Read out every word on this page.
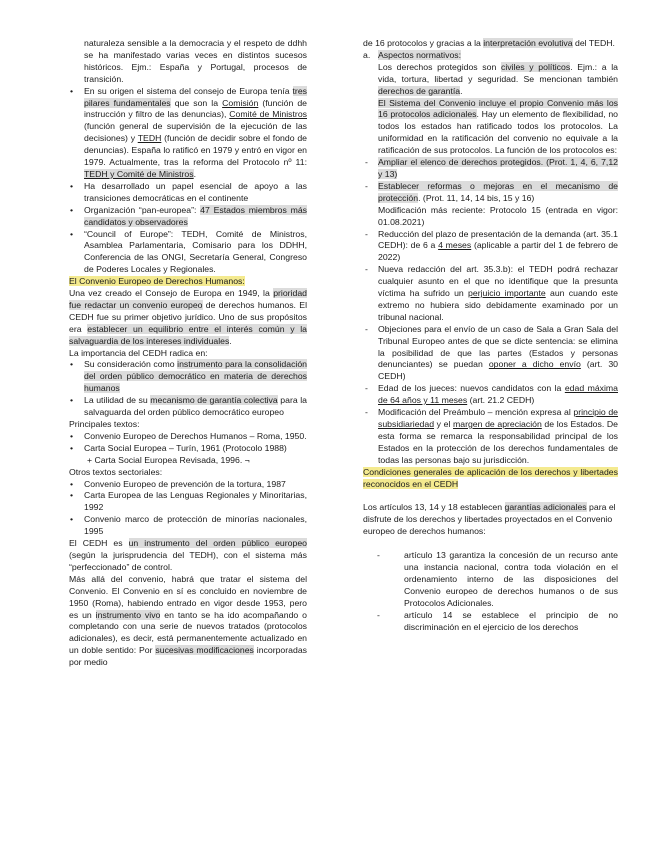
naturaleza sensible a la democracia y el respeto de ddhh se ha manifestado varias veces en distintos sucesos históricos. Ejm.: España y Portugal, procesos de transición.

• En su origen el sistema del consejo de Europa tenía tres pilares fundamentales que son la Comisión (función de instrucción y filtro de las denuncias), Comité de Ministros (función general de supervisión de la ejecución de las decisiones) y TEDH (función de decidir sobre el fondo de denuncias). España lo ratificó en 1979 y entró en vigor en 1979. Actualmente, tras la reforma del Protocolo nº 11: TEDH y Comité de Ministros.
• Ha desarrollado un papel esencial de apoyo a las transiciones democráticas en el continente
• Organización “pan-europea”: 47 Estados miembros más candidatos y observadores
• “Council of Europe”: TEDH, Comité de Ministros, Asamblea Parlamentaria, Comisario para los DDHH, Conferencia de las ONGI, Secretaría General, Congreso de Poderes Locales y Regionales.

El Convenio Europeo de Derechos Humanos:

Una vez creado el Consejo de Europa en 1949, la prioridad fue redactar un convenio europeo de derechos humanos. El CEDH fue su primer objetivo jurídico. Uno de sus propósitos era establecer un equilibrio entre el interés común y la salvaguardia de los intereses individuales.

La importancia del CEDH radica en:

• Su consideración como instrumento para la consolidación del orden público democrático en materia de derechos humanos
• La utilidad de su mecanismo de garantía colectiva para la salvaguarda del orden público democrático europeo

Principales textos:

• Convenio Europeo de Derechos Humanos – Roma, 1950.
• Carta Social Europea – Turín, 1961 (Protocolo 1988)
+ Carta Social Europea Revisada, 1996. ¬

Otros textos sectoriales:

• Convenio Europeo de prevención de la tortura, 1987
• Carta Europea de las Lenguas Regionales y Minoritarias, 1992
• Convenio marco de protección de minorías nacionales, 1995

El CEDH es un instrumento del orden público europeo (según la jurisprudencia del TEDH), con el sistema más “perfeccionado” de control.

Más allá del convenio, habrá que tratar el sistema del Convenio. El Convenio en sí es concluido en noviembre de 1950 (Roma), habiendo entrado en vigor desde 1953, pero es un instrumento vivo en tanto se ha ido acompañando o completando con una serie de nuevos tratados (protocolos adicionales), es decir, está permanentemente actualizado en un doble sentido: Por sucesivas modificaciones incorporadas por medio

de 16 protocolos y gracias a la interpretación evolutiva del TEDH.

a. Aspectos normativos:

Los derechos protegidos son civiles y políticos. Ejm.: a la vida, tortura, libertad y seguridad. Se mencionan también derechos de garantía.

El Sistema del Convenio incluye el propio Convenio más los 16 protocolos adicionales. Hay un elemento de flexibilidad, no todos los estados han ratificado todos los protocolos. La uniformidad en la ratificación del convenio no equivale a la ratificación de sus protocolos. La función de los protocolos es:

- Ampliar el elenco de derechos protegidos. (Prot. 1, 4, 6, 7,12 y 13)
- Establecer reformas o mejoras en el mecanismo de protección. (Prot. 11, 14, 14 bis, 15 y 16)

Modificación más reciente: Protocolo 15 (entrada en vigor: 01.08.2021)

- Reducción del plazo de presentación de la demanda (art. 35.1 CEDH): de 6 a 4 meses (aplicable a partir del 1 de febrero de 2022)
- Nueva redacción del art. 35.3.b): el TEDH podrá rechazar cualquier asunto en el que no identifique que la presunta víctima ha sufrido un perjuicio importante aun cuando este extremo no hubiera sido debidamente examinado por un tribunal nacional.
- Objeciones para el envío de un caso de Sala a Gran Sala del Tribunal Europeo antes de que se dicte sentencia: se elimina la posibilidad de que las partes (Estados y personas denunciantes) se puedan oponer a dicho envío (art. 30 CEDH)
- Edad de los jueces: nuevos candidatos con la edad máxima de 64 años y 11 meses (art. 21.2 CEDH)
- Modificación del Preámbulo – mención expresa al principio de subsidiariedad y el margen de apreciación de los Estados. De esta forma se remarca la responsabilidad principal de los Estados en la protección de los derechos fundamentales de todas las personas bajo su jurisdicción.

Condiciones generales de aplicación de los derechos y libertades reconocidos en el CEDH

Los artículos 13, 14 y 18 establecen garantías adicionales para el disfrute de los derechos y libertades proyectados en el Convenio europeo de derechos humanos:

- artículo 13 garantiza la concesión de un recurso ante una instancia nacional, contra toda violación en el ordenamiento interno de las disposiciones del Convenio europeo de derechos humanos o de sus Protocolos Adicionales.
- artículo 14 se establece el principio de no discriminación en el ejercicio de los derechos
